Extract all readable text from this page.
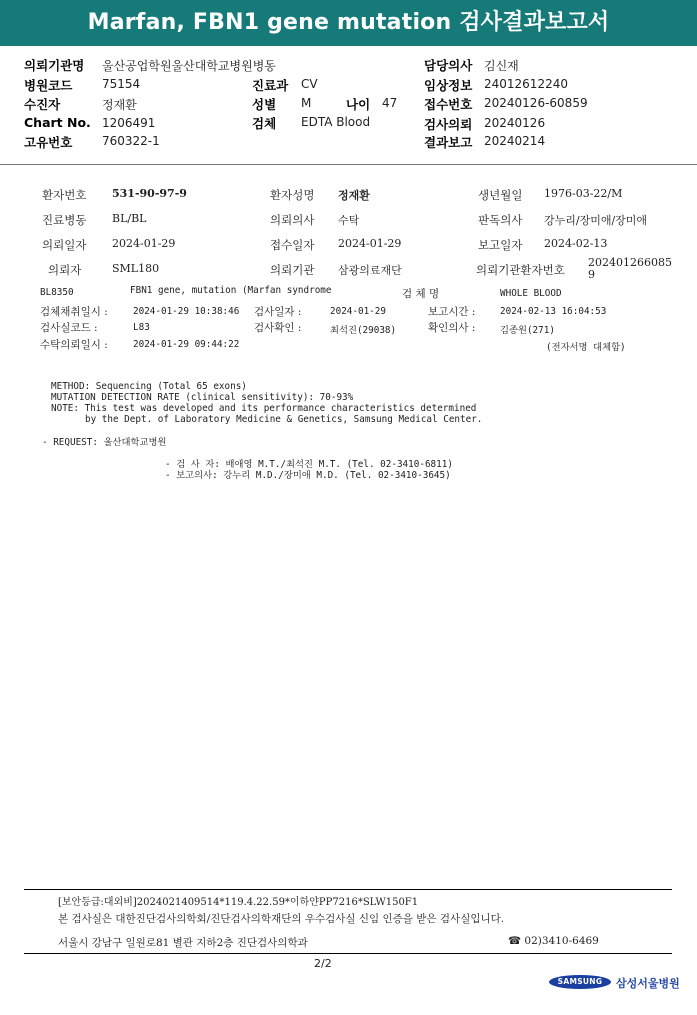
Marfan, FBN1 gene mutation 검사결과보고서
의뢰기관명 울산공업학원울산대학교병원병동
병원코드 75154	진료과 CV
수진자	정재환	성별 M	나이 47
Chart No. 1206491	검체 EDTA Blood
고유번호 760322-1
담당의사 김신재
임상정보 24012612240
접수번호 20240126-60859
검사의뢰 20240126
결과보고 20240214
환자번호 531-90-97-9	환자성명 정재환	생년월일 1976-03-22/M
진료병동 BL/BL	의뢰의사 수탁	판독의사 강누리/장미애/장미애
의뢰일자 2024-01-29	접수일자 2024-01-29	보고일자 2024-02-13
의뢰자	SML180	의뢰기관 삼광의료재단	의뢰기관환자번호
202401266085
9
BL8350	FBN1 gene, mutation (Marfan syndrome	검 체 명	WHOLE BLOOD
검체채취일시 :	2024-01-29 10:38:46 검사일자 :	2024-01-29	보고시간 :	2024-02-13 16:04:53
검사실코드 :	L83	검사확인 :	최석진(29038)	확인의사 :	김종원(271)
수탁의뢰일시 :	2024-01-29 09:44:22	(전자서명 대체함)
METHOD: Sequencing (Total 65 exons)
MUTATION DETECTION RATE (clinical sensitivity): 70-93%
NOTE: This test was developed and its performance characteristics determined
by the Dept. of Laboratory Medicine & Genetics, Samsung Medical Center.
- REQUEST: 울산대학교병원
- 검 사 자: 배애영 M.T./최석진 M.T. (Tel. 02-3410-6811)
- 보고의사: 강누리 M.D./장미애 M.D. (Tel. 02-3410-3645)
[보안등급:대외비]2024021409514*119.4.22.59*이하얀PP7216*SLW150F1
본 검사실은 대한진단검사의학회/진단검사의학재단의 우수검사실 신임 인증을 받은 검사실입니다.
서울시 강남구 일원로81 별관 지하2층 진단검사의학과	☎ 02)3410-6469
2/2
SAMSUNG	삼성서울병원
